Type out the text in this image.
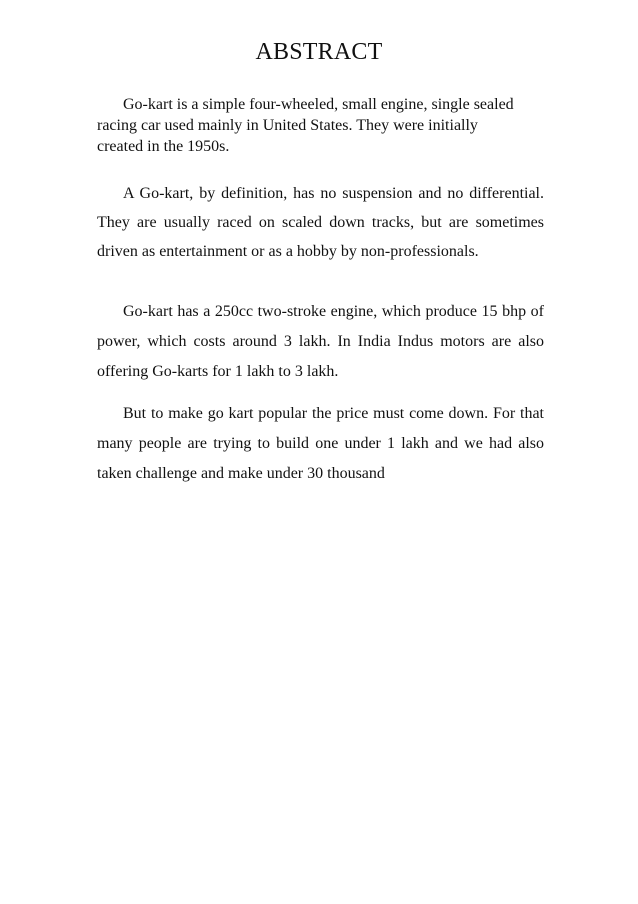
ABSTRACT

Go-kart is a simple four-wheeled, small engine, single sealed racing car used mainly in United States. They were initially created in the 1950s.

A Go-kart, by definition, has no suspension and no differential. They are usually raced on scaled down tracks, but are sometimes driven as entertainment or as a hobby by non-professionals.

Go-kart has a 250cc two-stroke engine, which produce 15 bhp of power, which costs around 3 lakh. In India Indus motors are also offering Go-karts for 1 lakh to 3 lakh.

But to make go kart popular the price must come down. For that many people are trying to build one under 1 lakh and we had also taken challenge and make under 30 thousand
